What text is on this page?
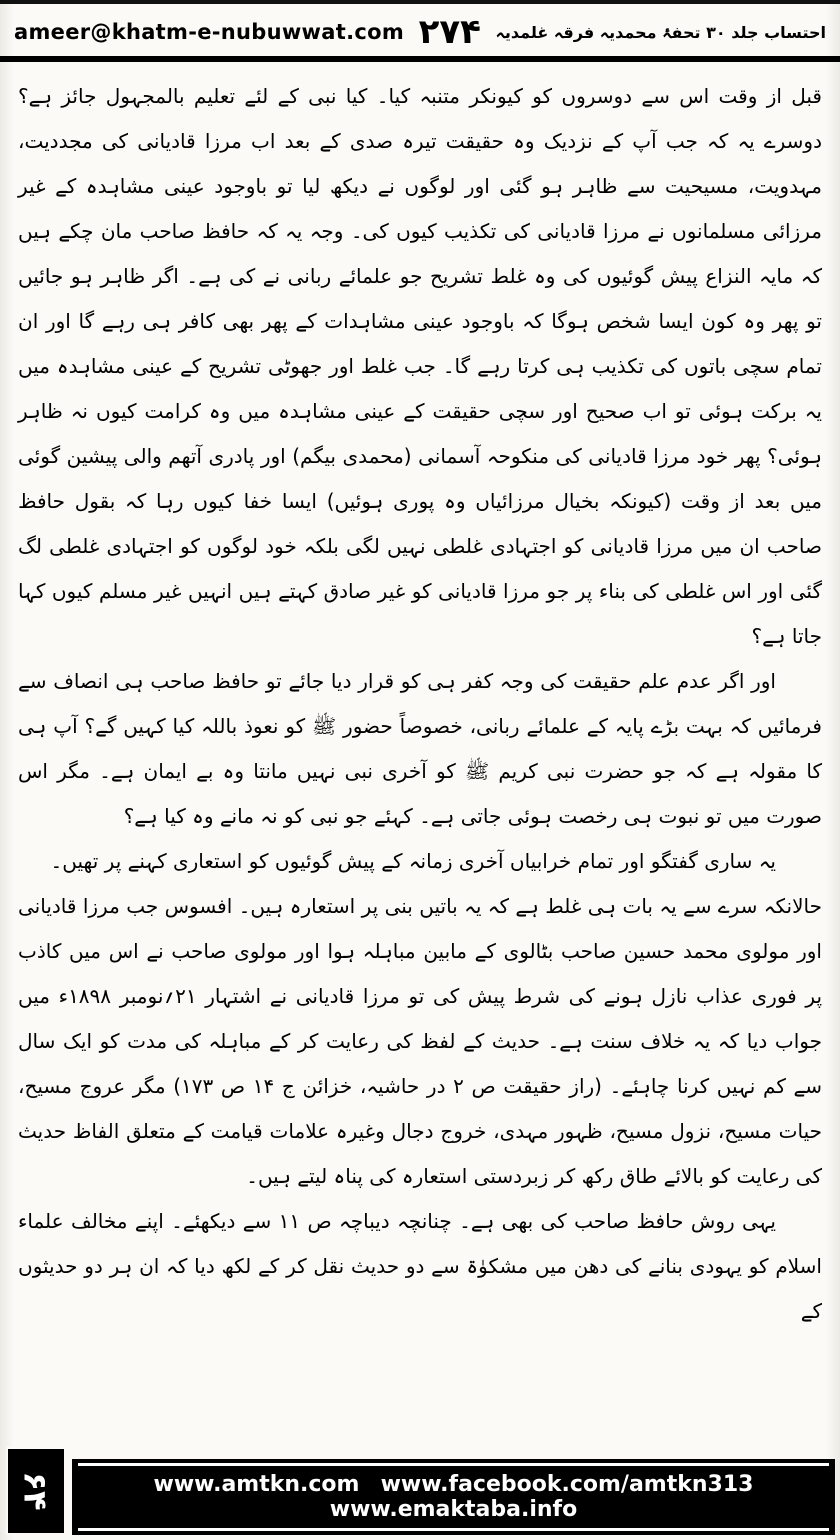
ameer@khatm-e-nubuwwat.com ۲۷۴ احتساب جلد ۳۰ تحفۂ محمدیہ فرقہ غلمدیہ

قبل از وقت اس سے دوسروں کو کیونکر متنبہ کیا۔ کیا نبی کے لئے تعلیم بالمجہول جائز ہے؟ دوسرے یہ کہ جب آپ کے نزدیک وہ حقیقت تیرہ صدی کے بعد اب مرزا قادیانی کی مجددیت، مہدویت، مسیحیت سے ظاہر ہو گئی اور لوگوں نے دیکھ لیا تو باوجود عینی مشاہدہ کے غیر مرزائی مسلمانوں نے مرزا قادیانی کی تکذیب کیوں کی۔ وجہ یہ کہ حافظ صاحب مان چکے ہیں کہ مایہ النزاع پیش گوئیوں کی وہ غلط تشریح جو علمائے ربانی نے کی ہے۔ اگر ظاہر ہو جائیں تو پھر وہ کون ایسا شخص ہوگا کہ باوجود عینی مشاہدات کے پھر بھی کافر ہی رہے گا اور ان تمام سچی باتوں کی تکذیب ہی کرتا رہے گا۔ جب غلط اور جھوٹی تشریح کے عینی مشاہدہ میں یہ برکت ہوئی تو اب صحیح اور سچی حقیقت کے عینی مشاہدہ میں وہ کرامت کیوں نہ ظاہر ہوئی؟ پھر خود مرزا قادیانی کی منکوحہ آسمانی (محمدی بیگم) اور پادری آتھم والی پیشین گوئی میں بعد از وقت (کیونکہ بخیال مرزائیاں وہ پوری ہوئیں) ایسا خفا کیوں رہا کہ بقول حافظ صاحب ان میں مرزا قادیانی کو اجتہادی غلطی نہیں لگی بلکہ خود لوگوں کو اجتہادی غلطی لگ گئی اور اس غلطی کی بناء پر جو مرزا قادیانی کو غیر صادق کہتے ہیں انہیں غیر مسلم کیوں کہا جاتا ہے؟

اور اگر عدم علم حقیقت کی وجہ کفر ہی کو قرار دیا جائے تو حافظ صاحب ہی انصاف سے فرمائیں کہ بہت بڑے پایہ کے علمائے ربانی، خصوصاً حضور ﷺ کو نعوذ باللہ کیا کہیں گے؟ آپ ہی کا مقولہ ہے کہ جو حضرت نبی کریم ﷺ کو آخری نبی نہیں مانتا وہ بے ایمان ہے۔ مگر اس صورت میں تو نبوت ہی رخصت ہوئی جاتی ہے۔ کہئے جو نبی کو نہ مانے وہ کیا ہے؟

یہ ساری گفتگو اور تمام خرابیاں آخری زمانہ کے پیش گوئیوں کو استعاری کہنے پر تھیں۔

حالانکہ سرے سے یہ بات ہی غلط ہے کہ یہ باتیں بنی پر استعارہ ہیں۔ افسوس جب مرزا قادیانی اور مولوی محمد حسین صاحب بٹالوی کے مابین مباہلہ ہوا اور مولوی صاحب نے اس میں کاذب پر فوری عذاب نازل ہونے کی شرط پیش کی تو مرزا قادیانی نے اشتہار ۲۱؍نومبر ۱۸۹۸ء میں جواب دیا کہ یہ خلاف سنت ہے۔ حدیث کے لفظ کی رعایت کر کے مباہلہ کی مدت کو ایک سال سے کم نہیں کرنا چاہئے۔ (راز حقیقت ص ۲ در حاشیہ، خزائن ج ۱۴ ص ۱۷۳) مگر عروج مسیح، حیات مسیح، نزول مسیح، ظہور مہدی، خروج دجال وغیرہ علامات قیامت کے متعلق الفاظ حدیث کی رعایت کو بالائے طاق رکھ کر زبردستی استعارہ کی پناہ لیتے ہیں۔

یہی روش حافظ صاحب کی بھی ہے۔ چنانچہ دیباچہ ص ۱۱ سے دیکھئے۔ اپنے مخالف علماء اسلام کو یہودی بنانے کی دھن میں مشکوٰۃ سے دو حدیث نقل کر کے لکھ دیا کہ ان ہر دو حدیثوں کے

۶۴	www.amtkn.com www.facebook.com/amtkn313 www.emaktaba.info
